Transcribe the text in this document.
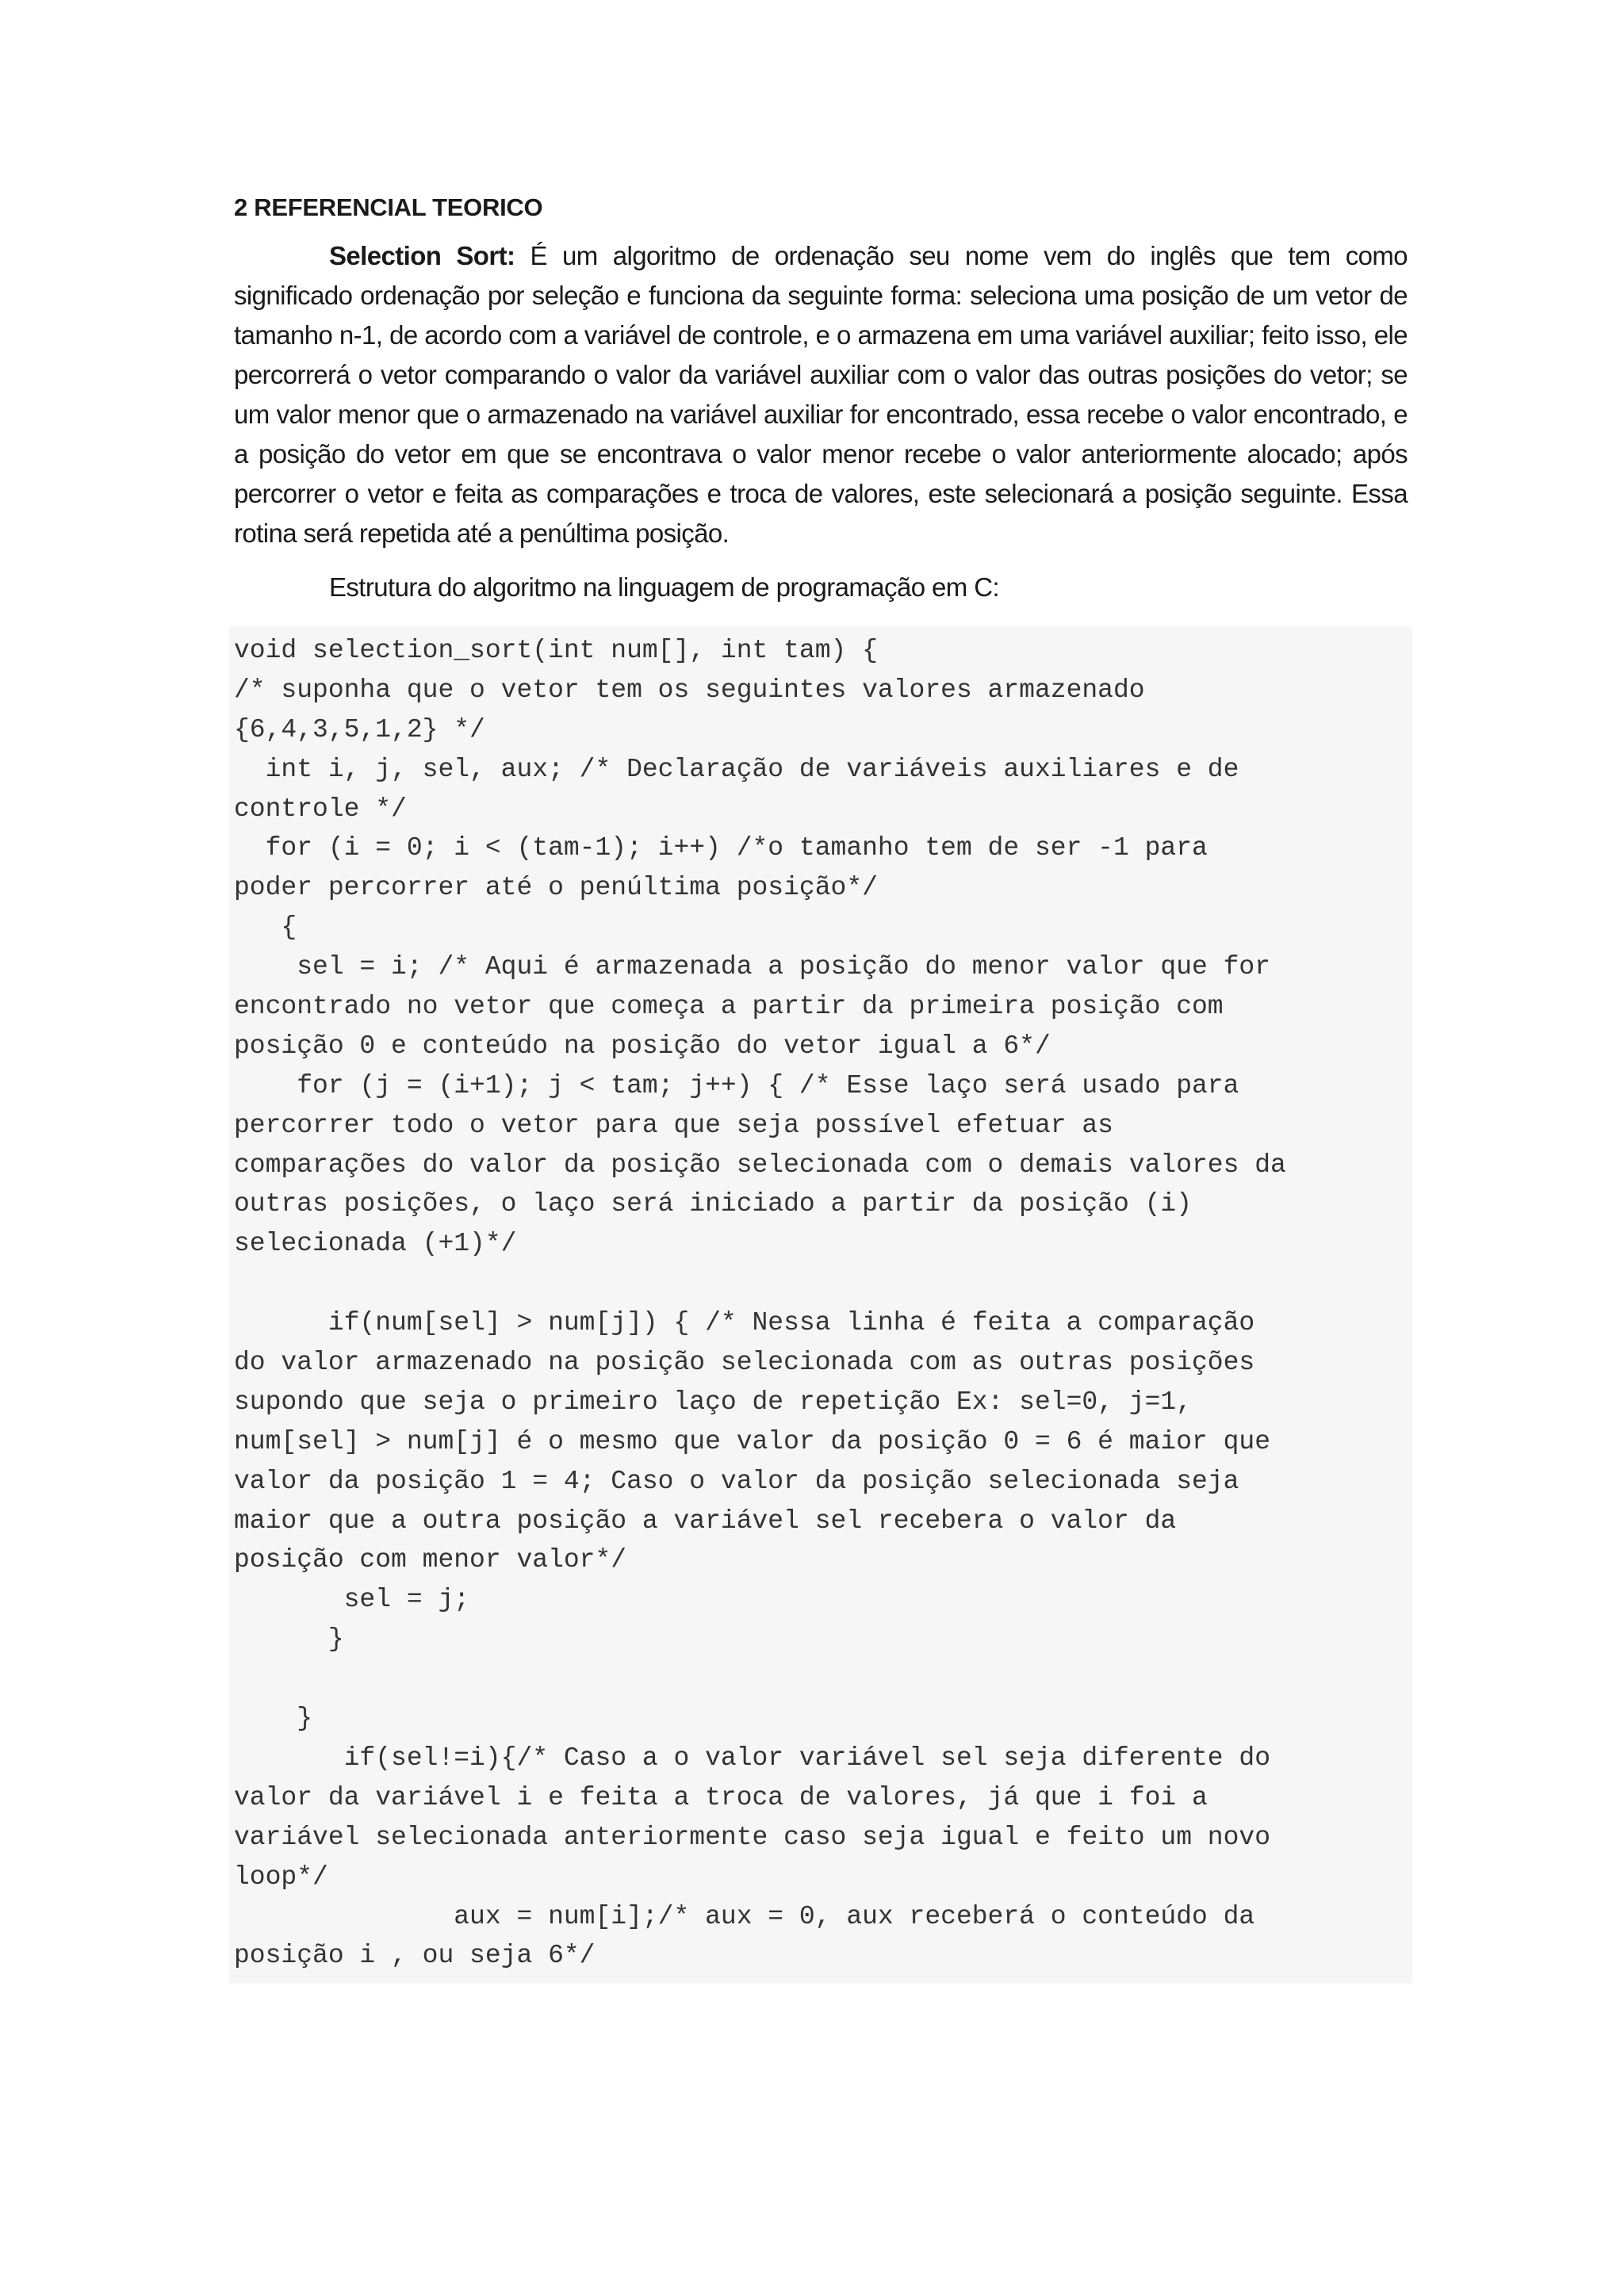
2 REFERENCIAL TEORICO

Selection Sort: É um algoritmo de ordenação seu nome vem do inglês que tem como significado ordenação por seleção e funciona da seguinte forma: seleciona uma posição de um vetor de tamanho n-1, de acordo com a variável de controle, e o armazena em uma variável auxiliar; feito isso, ele percorrerá o vetor comparando o valor da variável auxiliar com o valor das outras posições do vetor; se um valor menor que o armazenado na variável auxiliar for encontrado, essa recebe o valor encontrado, e a posição do vetor em que se encontrava o valor menor recebe o valor anteriormente alocado; após percorrer o vetor e feita as comparações e troca de valores, este selecionará a posição seguinte. Essa rotina será repetida até a penúltima posição.

Estrutura do algoritmo na linguagem de programação em C:

void selection_sort(int num[], int tam) {
/* suponha que o vetor tem os seguintes valores armazenado
{6,4,3,5,1,2} */
int i, j, sel, aux; /* Declaração de variáveis auxiliares e de
controle */
for (i = 0; i < (tam-1); i++) /*o tamanho tem de ser -1 para
poder percorrer até o penúltima posição*/
{
sel = i; /* Aqui é armazenada a posição do menor valor que for
encontrado no vetor que começa a partir da primeira posição com
posição 0 e conteúdo na posição do vetor igual a 6*/
for (j = (i+1); j < tam; j++) { /* Esse laço será usado para
percorrer todo o vetor para que seja possível efetuar as
comparações do valor da posição selecionada com o demais valores da
outras posições, o laço será iniciado a partir da posição (i)
selecionada (+1)*/
if(num[sel] > num[j]) { /* Nessa linha é feita a comparação
do valor armazenado na posição selecionada com as outras posições
supondo que seja o primeiro laço de repetição Ex: sel=0, j=1,
num[sel] > num[j] é o mesmo que valor da posição 0 = 6 é maior que
valor da posição 1 = 4; Caso o valor da posição selecionada seja
maior que a outra posição a variável sel recebera o valor da
posição com menor valor*/
sel = j;
}
}
if(sel!=i){/* Caso a o valor variável sel seja diferente do
valor da variável i e feita a troca de valores, já que i foi a
variável selecionada anteriormente caso seja igual e feito um novo
loop*/
aux = num[i];/* aux = 0, aux receberá o conteúdo da
posição i , ou seja 6*/
